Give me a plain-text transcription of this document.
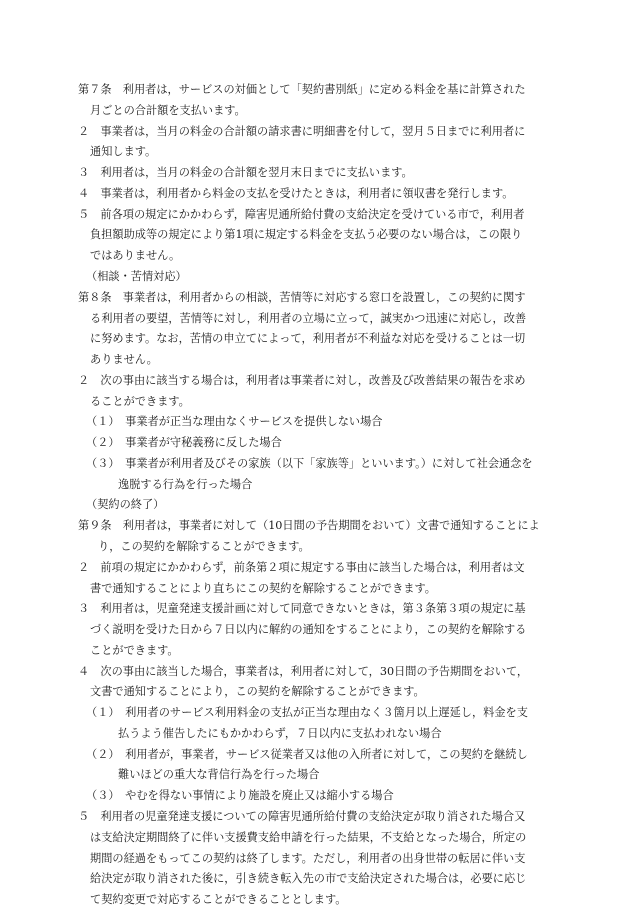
第７条　利用者は，サービスの対価として「契約書別紙」に定める料金を基に計算された
月ごとの合計額を支払います。
２　事業者は，当月の料金の合計額の請求書に明細書を付して，翌月５日までに利用者に
通知します。
３　利用者は，当月の料金の合計額を翌月末日までに支払います。
４　事業者は，利用者から料金の支払を受けたときは，利用者に領収書を発行します。
５　前各項の規定にかかわらず，障害児通所給付費の支給決定を受けている市で，利用者
負担額助成等の規定により第1項に規定する料金を支払う必要のない場合は，この限り
ではありません。
（相談・苦情対応）
第８条　事業者は，利用者からの相談，苦情等に対応する窓口を設置し，この契約に関す
る利用者の要望，苦情等に対し，利用者の立場に立って，誠実かつ迅速に対応し，改善
に努めます。なお，苦情の申立てによって，利用者が不利益な対応を受けることは一切
ありません。
２　次の事由に該当する場合は，利用者は事業者に対し，改善及び改善結果の報告を求め
ることができます。
（１）　事業者が正当な理由なくサービスを提供しない場合
（２）　事業者が守秘義務に反した場合
（３）　事業者が利用者及びその家族（以下「家族等」といいます。）に対して社会通念を
逸脱する行為を行った場合
（契約の終了）
第９条　利用者は，事業者に対して（10日間の予告期間をおいて）文書で通知することによ
り，この契約を解除することができます。
２　前項の規定にかかわらず，前条第２項に規定する事由に該当した場合は，利用者は文
書で通知することにより直ちにこの契約を解除することができます。
３　利用者は，児童発達支援計画に対して同意できないときは，第３条第３項の規定に基
づく説明を受けた日から７日以内に解約の通知をすることにより，この契約を解除する
ことができます。
４　次の事由に該当した場合，事業者は，利用者に対して，30日間の予告期間をおいて，
文書で通知することにより，この契約を解除することができます。
（１）　利用者のサービス利用料金の支払が正当な理由なく３箇月以上遅延し，料金を支
払うよう催告したにもかかわらず，７日以内に支払われない場合
（２）　利用者が，事業者，サービス従業者又は他の入所者に対して，この契約を継続し
難いほどの重大な背信行為を行った場合
（３）　やむを得ない事情により施設を廃止又は縮小する場合
５　利用者の児童発達支援についての障害児通所給付費の支給決定が取り消された場合又
は支給決定期間終了に伴い支援費支給申請を行った結果，不支給となった場合，所定の
期間の経過をもってこの契約は終了します。ただし，利用者の出身世帯の転居に伴い支
給決定が取り消された後に，引き続き転入先の市で支給決定された場合は，必要に応じ
て契約変更で対応することができることとします。
